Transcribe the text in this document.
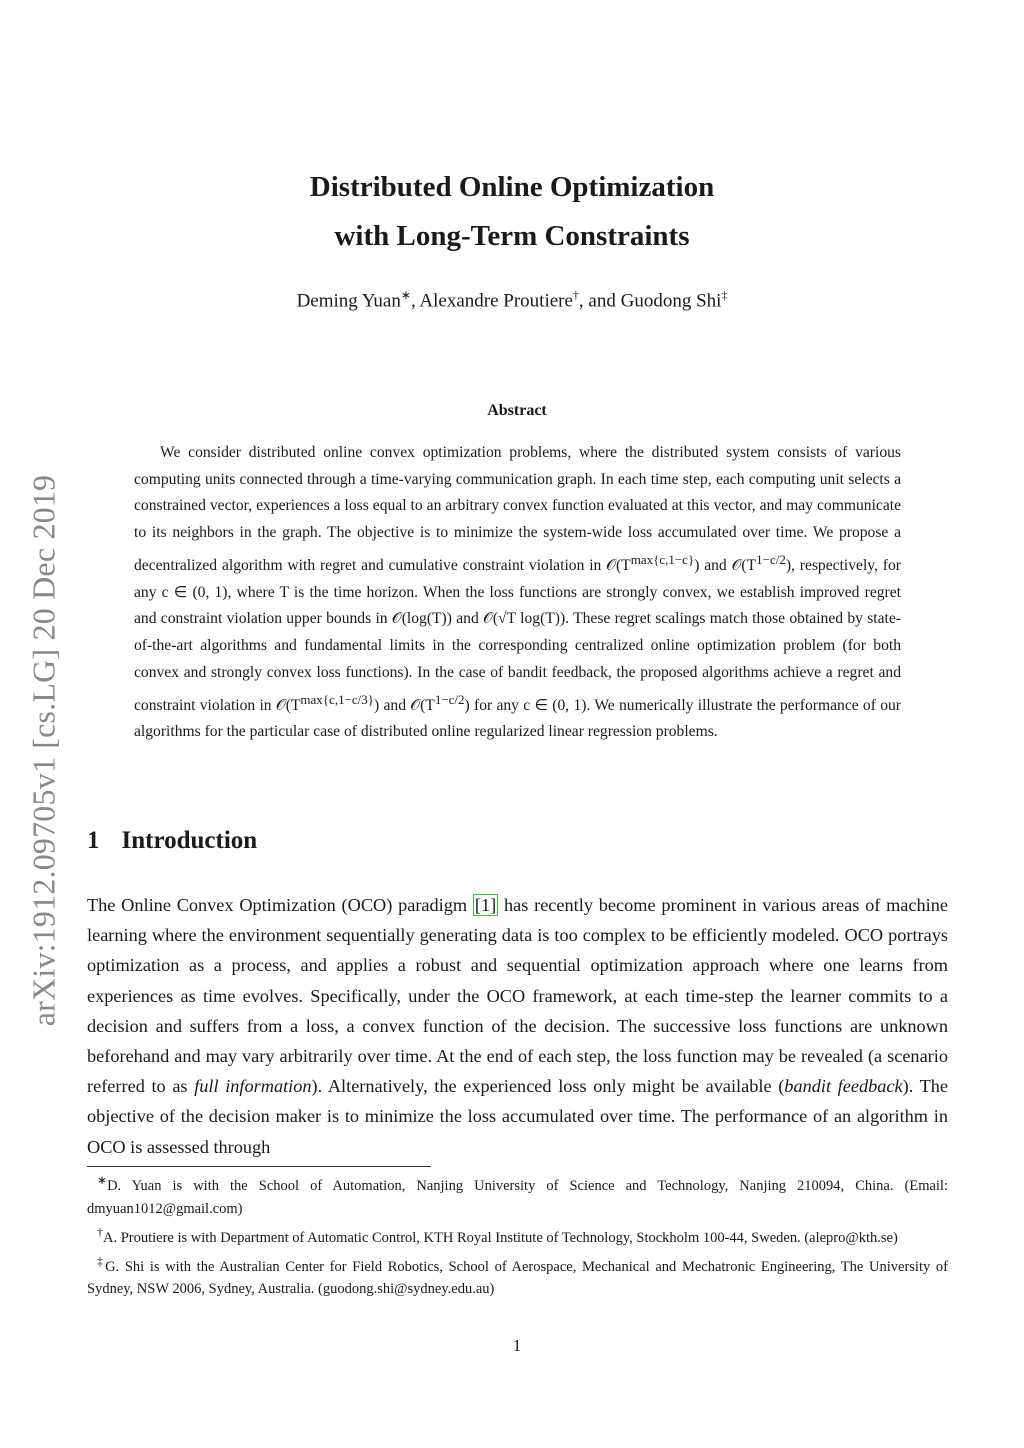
arXiv:1912.09705v1 [cs.LG] 20 Dec 2019
Distributed Online Optimization
with Long-Term Constraints
Deming Yuan∗, Alexandre Proutiere†, and Guodong Shi‡
Abstract

We consider distributed online convex optimization problems, where the distributed system consists of various computing units connected through a time-varying communication graph. In each time step, each computing unit selects a constrained vector, experiences a loss equal to an arbitrary convex function evaluated at this vector, and may communicate to its neighbors in the graph. The objective is to minimize the system-wide loss accumulated over time. We propose a decentralized algorithm with regret and cumulative constraint violation in $𝒪(T^{max\{c,1-c\}})$ and $𝒪(T^{1-c/2})$, respectively, for any c ∈ (0, 1), where T is the time horizon. When the loss functions are strongly convex, we establish improved regret and constraint violation upper bounds in 𝒪(log(T)) and 𝒪(√T log(T)). These regret scalings match those obtained by state-of-the-art algorithms and fundamental limits in the corresponding centralized online optimization problem (for both convex and strongly convex loss functions). In the case of bandit feedback, the proposed algorithms achieve a regret and constraint violation in $𝒪(T^{max\{c,1-c/3\}})$ and $𝒪(T^{1-c/2})$ for any c ∈ (0, 1). We numerically illustrate the performance of our algorithms for the particular case of distributed online regularized linear regression problems.

1 Introduction

The Online Convex Optimization (OCO) paradigm [1] has recently become prominent in various areas of machine learning where the environment sequentially generating data is too complex to be efficiently modeled. OCO portrays optimization as a process, and applies a robust and sequential optimization approach where one learns from experiences as time evolves. Specifically, under the OCO framework, at each time-step the learner commits to a decision and suffers from a loss, a convex function of the decision. The successive loss functions are unknown beforehand and may vary arbitrarily over time. At the end of each step, the loss function may be revealed (a scenario referred to as full information). Alternatively, the experienced loss only might be available (bandit feedback). The objective of the decision maker is to minimize the loss accumulated over time. The performance of an algorithm in OCO is assessed through

∗D. Yuan is with the School of Automation, Nanjing University of Science and Technology, Nanjing 210094, China. (Email: dmyuan1012@gmail.com)

†A. Proutiere is with Department of Automatic Control, KTH Royal Institute of Technology, Stockholm 100-44, Sweden. (alepro@kth.se)

‡G. Shi is with the Australian Center for Field Robotics, School of Aerospace, Mechanical and Mechatronic Engineering, The University of Sydney, NSW 2006, Sydney, Australia. (guodong.shi@sydney.edu.au)

1
